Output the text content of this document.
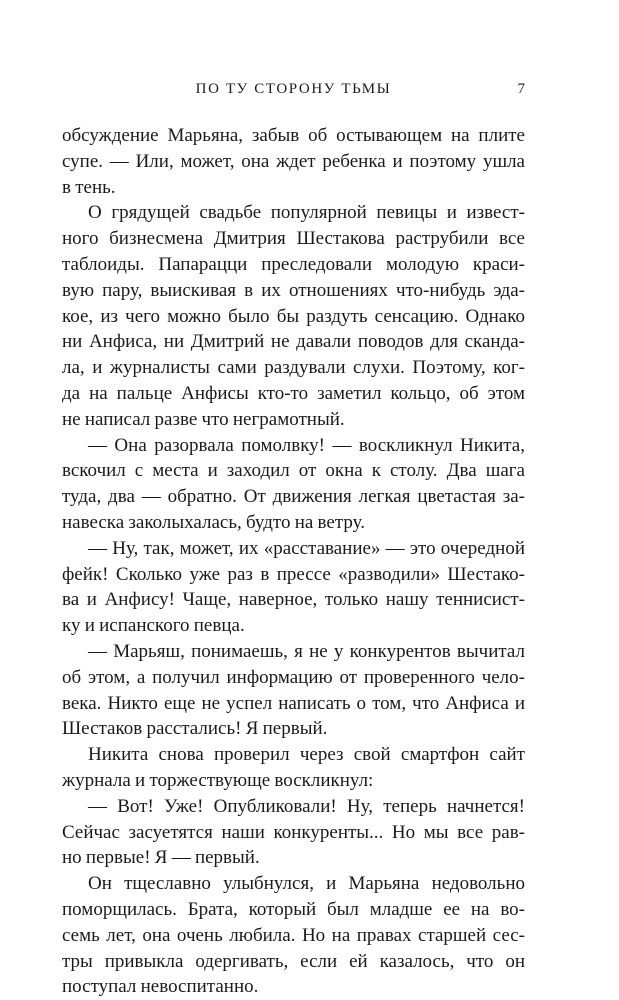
ПО ТУ СТОРОНУ ТЬМЫ	7
обсуждение Марьяна, забыв об остывающем на плите
супе. — Или, может, она ждет ребенка и поэтому ушла
в тень.
О грядущей свадьбе популярной певицы и извест-
ного бизнесмена Дмитрия Шестакова раструбили все
таблоиды. Папарацци преследовали молодую краси-
вую пару, выискивая в их отношениях что-нибудь эда-
кое, из чего можно было бы раздуть сенсацию. Однако
ни Анфиса, ни Дмитрий не давали поводов для сканда-
ла, и журналисты сами раздували слухи. Поэтому, ког-
да на пальце Анфисы кто-то заметил кольцо, об этом
не написал разве что неграмотный.
— Она разорвала помолвку! — воскликнул Никита,
вскочил с места и заходил от окна к столу. Два шага
туда, два — обратно. От движения легкая цветастая за-
навеска заколыхалась, будто на ветру.
— Ну, так, может, их «расставание» — это очередной
фейк! Сколько уже раз в прессе «разводили» Шестако-
ва и Анфису! Чаще, наверное, только нашу теннисист-
ку и испанского певца.
— Марьяш, понимаешь, я не у конкурентов вычитал
об этом, а получил информацию от проверенного чело-
века. Никто еще не успел написать о том, что Анфиса и
Шестаков расстались! Я первый.
Никита снова проверил через свой смартфон сайт
журнала и торжествующе воскликнул:
— Вот! Уже! Опубликовали! Ну, теперь начнется!
Сейчас засуетятся наши конкуренты... Но мы все рав-
но первые! Я — первый.
Он тщеславно улыбнулся, и Марьяна недовольно
поморщилась. Брата, который был младше ее на во-
семь лет, она очень любила. Но на правах старшей сес-
тры привыкла одергивать, если ей казалось, что он
поступал невоспитанно.
